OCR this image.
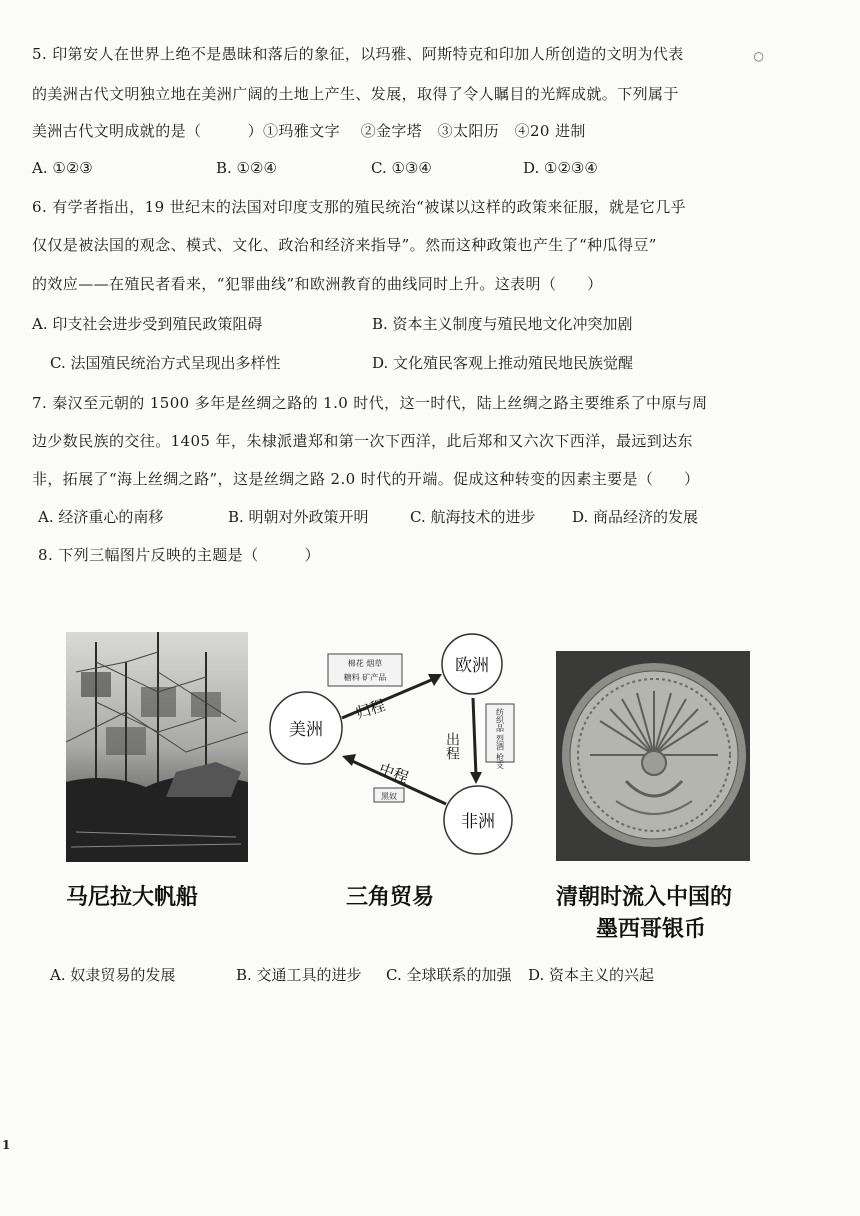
○
5. 印第安人在世界上绝不是愚昧和落后的象征，以玛雅、阿斯特克和印加人所创造的文明为代表
的美洲古代文明独立地在美洲广阔的土地上产生、发展，取得了令人瞩目的光辉成就。下列属于
美洲古代文明成就的是（　　　）①玛雅文字　 ②金字塔　③太阳历　④20 进制
A. ①②③	B. ①②④	C. ①③④	D. ①②③④
6. 有学者指出，19 世纪末的法国对印度支那的殖民统治“被谋以这样的政策来征服，就是它几乎
仅仅是被法国的观念、模式、文化、政治和经济来指导”。然而这种政策也产生了“种瓜得豆”
的效应——在殖民者看来，“犯罪曲线”和欧洲教育的曲线同时上升。这表明（　　）
A. 印支社会进步受到殖民政策阻碍	B. 资本主义制度与殖民地文化冲突加剧
C. 法国殖民统治方式呈现出多样性	D. 文化殖民客观上推动殖民地民族觉醒
7. 秦汉至元朝的 1500 多年是丝绸之路的 1.0 时代，这一时代，陆上丝绸之路主要维系了中原与周
边少数民族的交往。1405 年，朱棣派遣郑和第一次下西洋，此后郑和又六次下西洋，最远到达东
非，拓展了“海上丝绸之路”，这是丝绸之路 2.0 时代的开端。促成这种转变的因素主要是（　　）
A. 经济重心的南移	B. 明朝对外政策开明	C. 航海技术的进步 D. 商品经济的发展
8. 下列三幅图片反映的主题是（　　　）
马尼拉大帆船
美洲
欧洲
非洲
棉花 烟草
糖料 矿产品
归程
出程	纺织品 烈酒 枪支
中程
黑奴
三角贸易	清朝时流入中国的
墨西哥银币
A. 奴隶贸易的发展	B. 交通工具的进步 C. 全球联系的加强 D. 资本主义的兴起
1
